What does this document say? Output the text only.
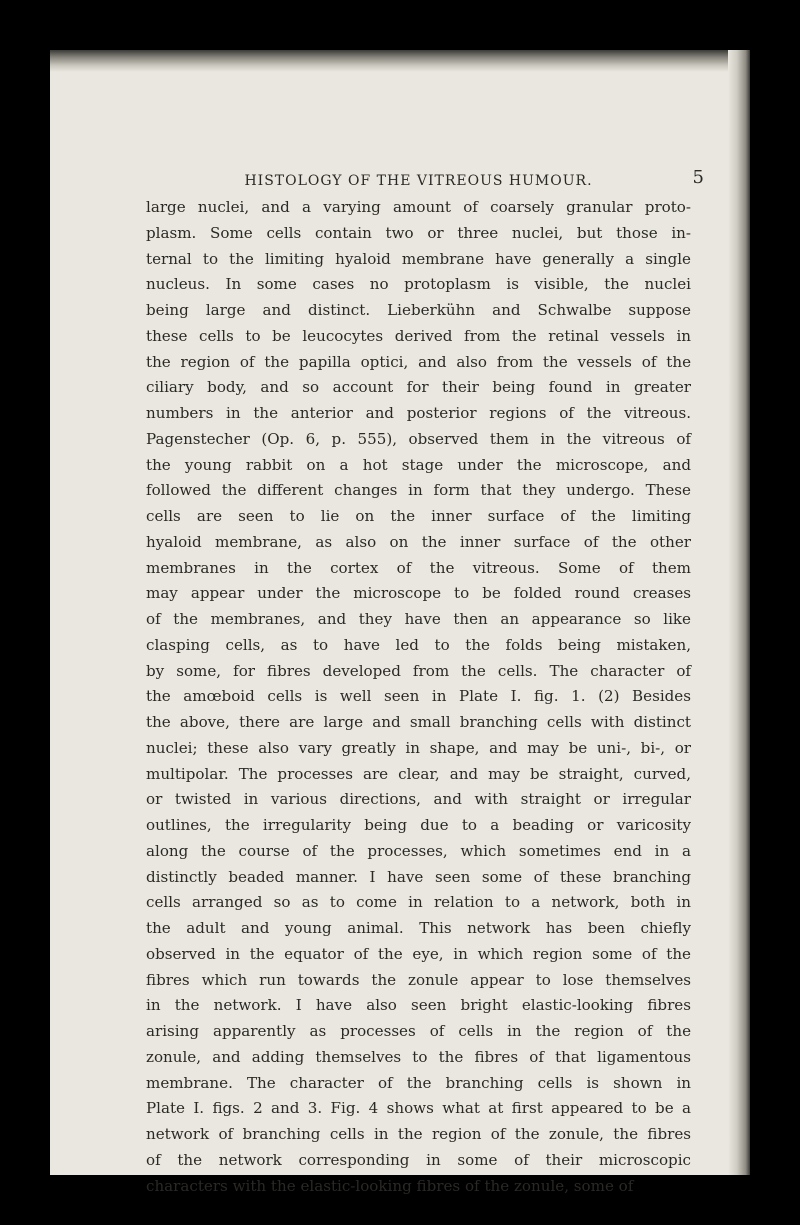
HISTOLOGY OF THE VITREOUS HUMOUR.	5

large nuclei, and a varying amount of coarsely granular proto-
plasm. Some cells contain two or three nuclei, but those in-
ternal to the limiting hyaloid membrane have generally a single
nucleus. In some cases no protoplasm is visible, the nuclei
being large and distinct. Lieberkühn and Schwalbe suppose
these cells to be leucocytes derived from the retinal vessels in
the region of the papilla optici, and also from the vessels of the
ciliary body, and so account for their being found in greater
numbers in the anterior and posterior regions of the vitreous.
Pagenstecher (Op. 6, p. 555), observed them in the vitreous of
the young rabbit on a hot stage under the microscope, and
followed the different changes in form that they undergo. These
cells are seen to lie on the inner surface of the limiting
hyaloid membrane, as also on the inner surface of the other
membranes in the cortex of the vitreous. Some of them
may appear under the microscope to be folded round creases
of the membranes, and they have then an appearance so like
clasping cells, as to have led to the folds being mistaken,
by some, for fibres developed from the cells. The character of
the amœboid cells is well seen in Plate I. fig. 1. (2) Besides
the above, there are large and small branching cells with distinct
nuclei; these also vary greatly in shape, and may be uni-, bi-, or
multipolar. The processes are clear, and may be straight, curved,
or twisted in various directions, and with straight or irregular
outlines, the irregularity being due to a beading or varicosity
along the course of the processes, which sometimes end in a
distinctly beaded manner. I have seen some of these branching
cells arranged so as to come in relation to a network, both in
the adult and young animal. This network has been chiefly
observed in the equator of the eye, in which region some of the
fibres which run towards the zonule appear to lose themselves
in the network. I have also seen bright elastic-looking fibres
arising apparently as processes of cells in the region of the
zonule, and adding themselves to the fibres of that ligamentous
membrane. The character of the branching cells is shown in
Plate I. figs. 2 and 3. Fig. 4 shows what at first appeared to be a
network of branching cells in the region of the zonule, the fibres
of the network corresponding in some of their microscopic
characters with the elastic-looking fibres of the zonule, some of
